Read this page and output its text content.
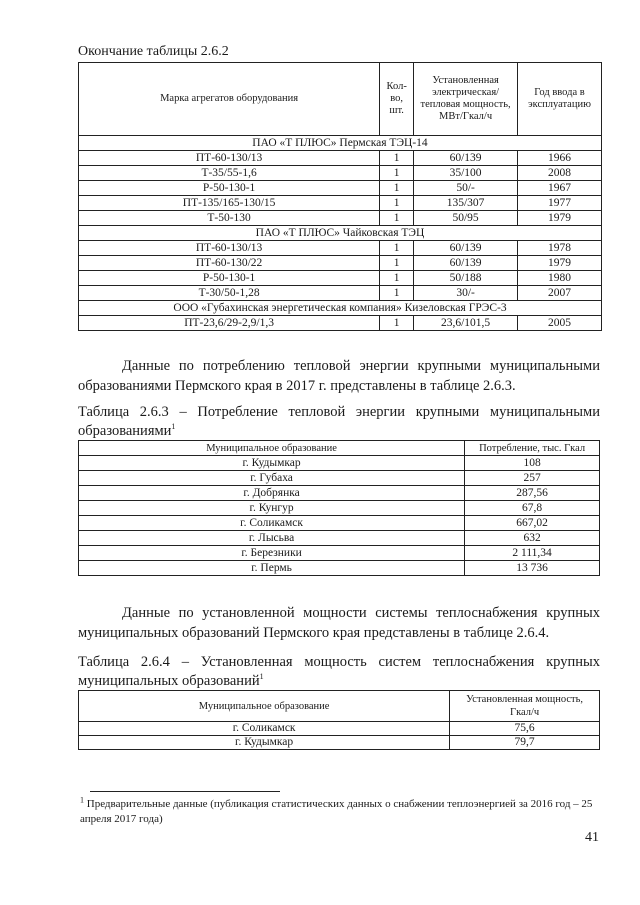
Окончание таблицы 2.6.2
Марка агрегатов оборудования	Кол-во, шт.	Установленная электрическая/ тепловая мощность, МВт/Гкал/ч	Год ввода в эксплуатацию
ПАО «Т ПЛЮС» Пермская ТЭЦ-14			
ПТ-60-130/13	1	60/139	1966
Т-35/55-1,6	1	35/100	2008
Р-50-130-1	1	50/-	1967
ПТ-135/165-130/15	1	135/307	1977
Т-50-130	1	50/95	1979
ПАО «Т ПЛЮС» Чайковская ТЭЦ			
ПТ-60-130/13	1	60/139	1978
ПТ-60-130/22	1	60/139	1979
Р-50-130-1	1	50/188	1980
Т-30/50-1,28	1	30/-	2007
ООО «Губахинская энергетическая компания» Кизеловская ГРЭС-3			
ПТ-23,6/29-2,9/1,3	1	23,6/101,5	2005
Данные по потреблению тепловой энергии крупными муниципальными образованиями Пермского края в 2017 г. представлены в таблице 2.6.3.
Таблица 2.6.3 – Потребление тепловой энергии крупными муниципальными образованиями$^1$
Муниципальное образование	Потребление, тыс. Гкал
г. Кудымкар	108
г. Губаха	257
г. Добрянка	287,56
г. Кунгур	67,8
г. Соликамск	667,02
г. Лысьва	632
г. Березники	2 111,34
г. Пермь	13 736
Данные по установленной мощности системы теплоснабжения крупных муниципальных образований Пермского края представлены в таблице 2.6.4.
Таблица 2.6.4 – Установленная мощность систем теплоснабжения крупных муниципальных образований$^1$
Муниципальное образование	Установленная мощность, Гкал/ч
г. Соликамск	75,6
г. Кудымкар	79,7
$^1$ Предварительные данные (публикация статистических данных о снабжении теплоэнергией за 2016 год – 25 апреля 2017 года)
41
